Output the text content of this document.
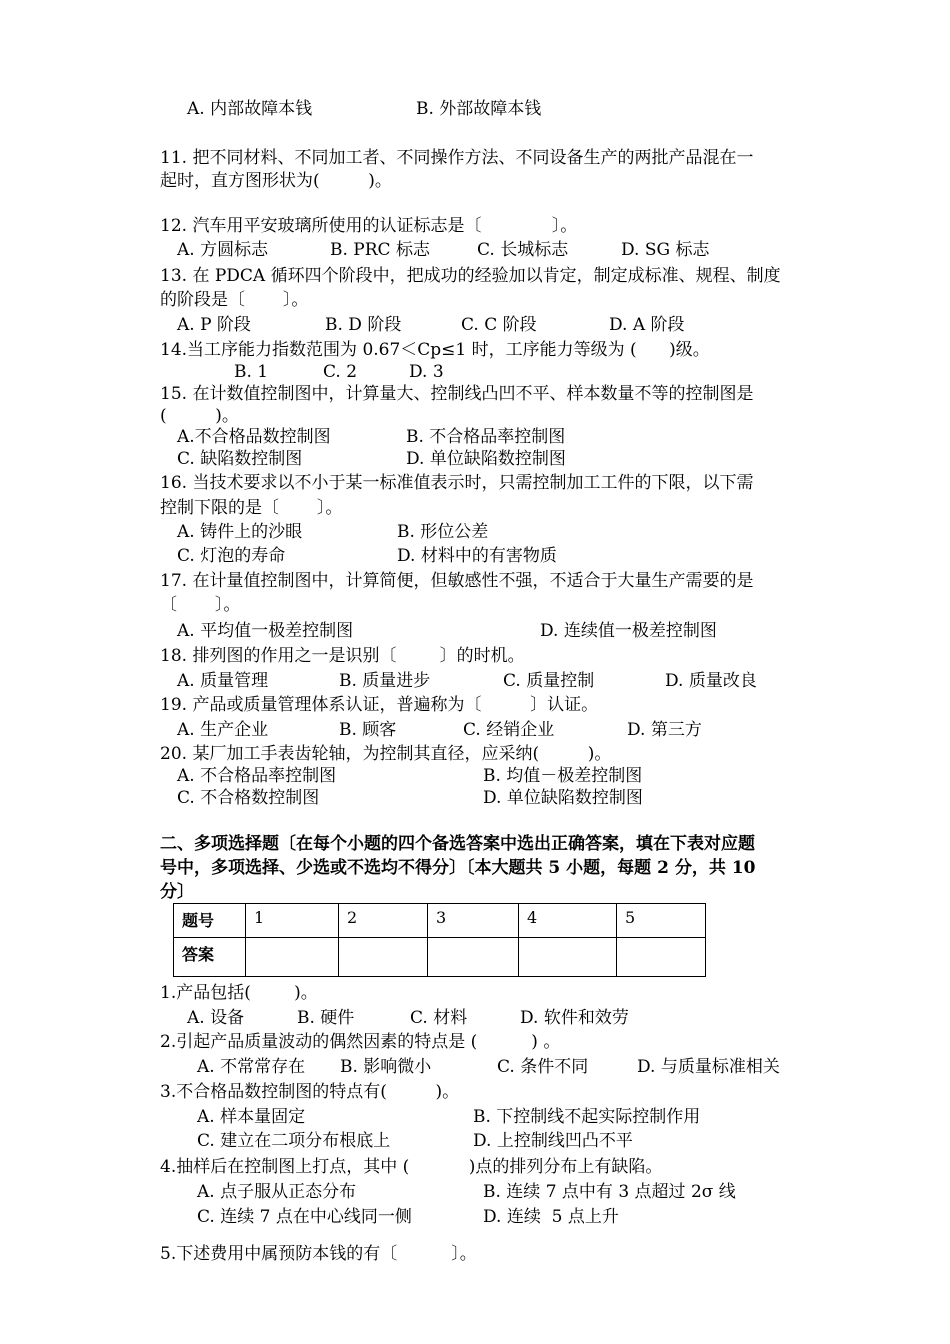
A. 内部故障本钱	B. 外部故障本钱
11. 把不同材料、不同加工者、不同操作方法、不同设备生产的两批产品混在一
起时，直方图形状为(         )。
12. 汽车用平安玻璃所使用的认证标志是〔             〕。
A. 方圆标志	B. PRC 标志	C. 长城标志	D. SG 标志
13. 在 PDCA 循环四个阶段中，把成功的经验加以肯定，制定成标准、规程、制度
的阶段是〔       〕。
A. P 阶段	B. D 阶段	C. C 阶段	D. A 阶段
14.当工序能力指数范围为 0.67＜Cp≤1 时，工序能力等级为 (      )级。
B. 1	C. 2	D. 3
15. 在计数值控制图中，计算量大、控制线凸凹不平、样本数量不等的控制图是
(         )。
A.不合格品数控制图	B. 不合格品率控制图
C. 缺陷数控制图	D. 单位缺陷数控制图
16. 当技术要求以不小于某一标准值表示时，只需控制加工工件的下限，以下需
控制下限的是〔       〕。
A. 铸件上的沙眼	B. 形位公差
C. 灯泡的寿命	D. 材料中的有害物质
17. 在计量值控制图中，计算简便，但敏感性不强，不适合于大量生产需要的是
〔       〕。
A. 平均值一极差控制图	D. 连续值一极差控制图
18. 排列图的作用之一是识别〔        〕的时机。
A. 质量管理	B. 质量进步	C. 质量控制	D. 质量改良
19. 产品或质量管理体系认证，普遍称为〔         〕认证。
A. 生产企业	B. 顾客	C. 经销企业	D. 第三方
20. 某厂加工手表齿轮轴，为控制其直径，应采纳(         )。
A. 不合格品率控制图	B. 均值－极差控制图
C. 不合格数控制图	D. 单位缺陷数控制图
1.产品包括(        )。
A. 设备	B. 硬件	C. 材料	D. 软件和效劳
2.引起产品质量波动的偶然因素的特点是 (          ) 。
A. 不常常存在 B. 影响微小	C. 条件不同	D. 与质量标准相关
3.不合格品数控制图的特点有(         )。
A. 样本量固定	B. 下控制线不起实际控制作用
C. 建立在二项分布根底上	D. 上控制线凹凸不平
4.抽样后在控制图上打点，其中 (           )点的排列分布上有缺陷。
A. 点子服从正态分布	B. 连续 7 点中有 3 点超过 2σ 线
C. 连续 7 点在中心线同一侧	D. 连续  5 点上升
5.下述费用中属预防本钱的有〔          〕。
二、多项选择题〔在每个小题的四个备选答案中选出正确答案，填在下表对应题
号中，多项选择、少选或不选均不得分〕〔本大题共 5 小题，每题 2 分，共 10
分〕
题号	1	2	3	4	5
答案					
